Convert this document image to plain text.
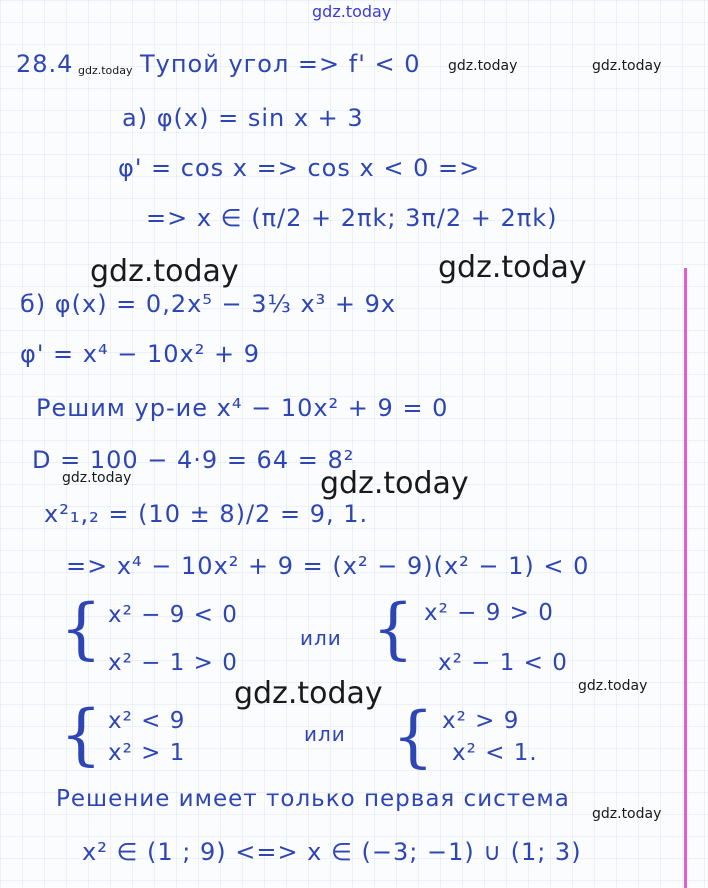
gdz.today
28.4	Тупой угол => f' < 0
gdz.today	gdz.today	gdz.today
а) φ(x) = sin x + 3
φ' = cos x => cos x < 0 =>
=> x ∈ (π/2 + 2πk; 3π/2 + 2πk)
gdz.today	gdz.today
б) φ(x) = 0,2x⁵ − 3⅓ x³ + 9x
φ' = x⁴ − 10x² + 9
Решим ур-ие x⁴ − 10x² + 9 = 0
D = 100 − 4·9 = 64 = 8²
gdz.today	gdz.today
x²₁,₂ = (10 ± 8)/2 = 9, 1.
=> x⁴ − 10x² + 9 = (x² − 9)(x² − 1) < 0
{ x² − 9 < 0
x² − 1 > 0
или { x² − 9 > 0
x² − 1 < 0
gdz.today	gdz.today
{ x² < 9
x² > 1
или { x² > 9
x² < 1.
Решение имеет только первая система
gdz.today
x² ∈ (1 ; 9) <=> x ∈ (−3; −1) ∪ (1; 3)
